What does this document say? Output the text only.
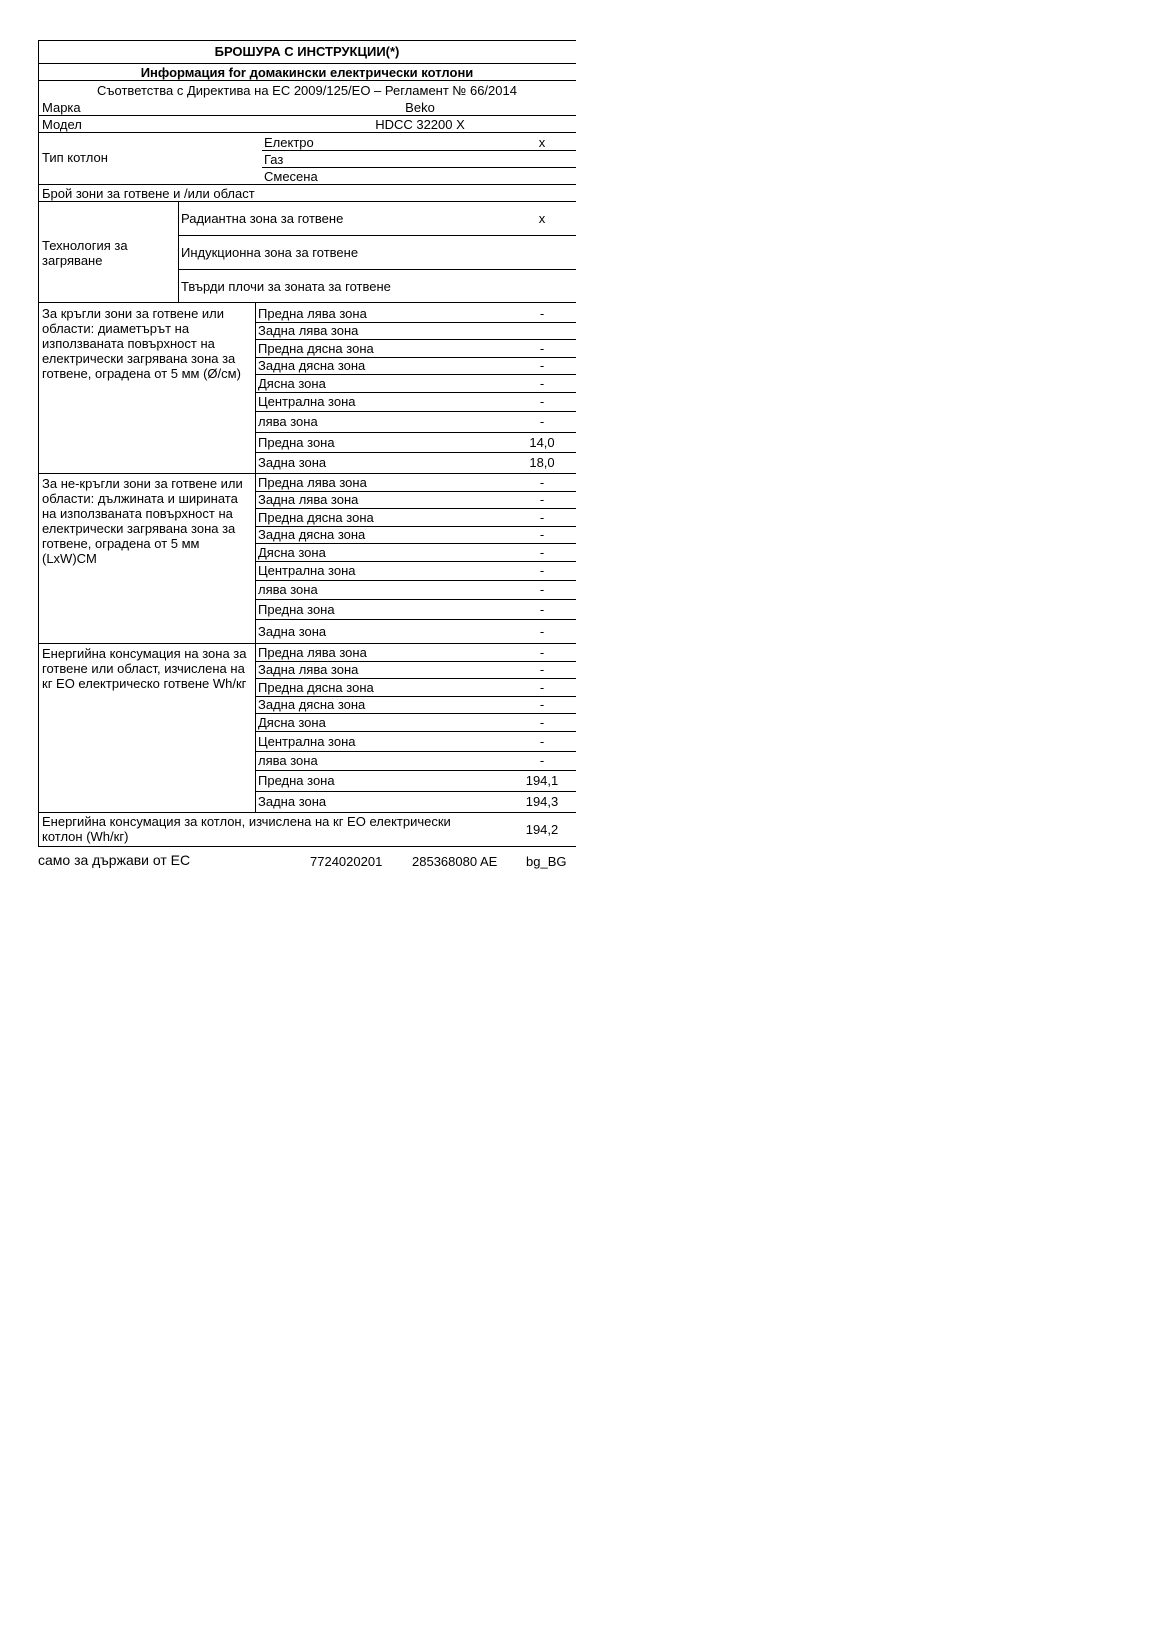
БРОШУРА С ИНСТРУКЦИИ(*)
Информация for домакински електрически котлони
Съответства с Директива на ЕС 2009/125/ЕО – Регламент № 66/2014
Марка	Beko
Модел	HDCC 32200 X
Тип котлон
Електро	x
Газ
Смесена
Брой зони за готвене и /или област
Технология за загряване
Радиантна зона за готвене	x
Индукционна зона за готвене
Твърди плочи за зоната за готвене
За кръгли зони за готвене или области: диаметърът на използваната повърхност на електрически загрявана зона за готвене, оградена от 5 мм (Ø/см)
Предна лява зона	-
Задна лява зона
Предна дясна зона	-
Задна дясна зона	-
Дясна зона	-
Централна зона	-
лява зона	-
Предна зона	14,0
Задна зона	18,0
За не-кръгли зони за готвене или области: дължината и ширината на използваната повърхност на електрически загрявана зона за готвене, оградена от 5 мм (LxW)CM
Предна лява зона	-
Задна лява зона	-
Предна дясна зона	-
Задна дясна зона	-
Дясна зона	-
Централна зона	-
лява зона	-
Предна зона	-
Задна зона	-
Енергийна консумация на зона за готвене или област, изчислена на кг ЕО електрическо готвене Wh/кг
Предна лява зона	-
Задна лява зона	-
Предна дясна зона	-
Задна дясна зона	-
Дясна зона	-
Централна зона	-
лява зона	-
Предна зона	194,1
Задна зона	194,3
Енергийна консумация за котлон, изчислена на кг ЕО електрически котлон (Wh/кг)	194,2
само за държави от ЕС	7724020201 285368080 AE bg_BG
